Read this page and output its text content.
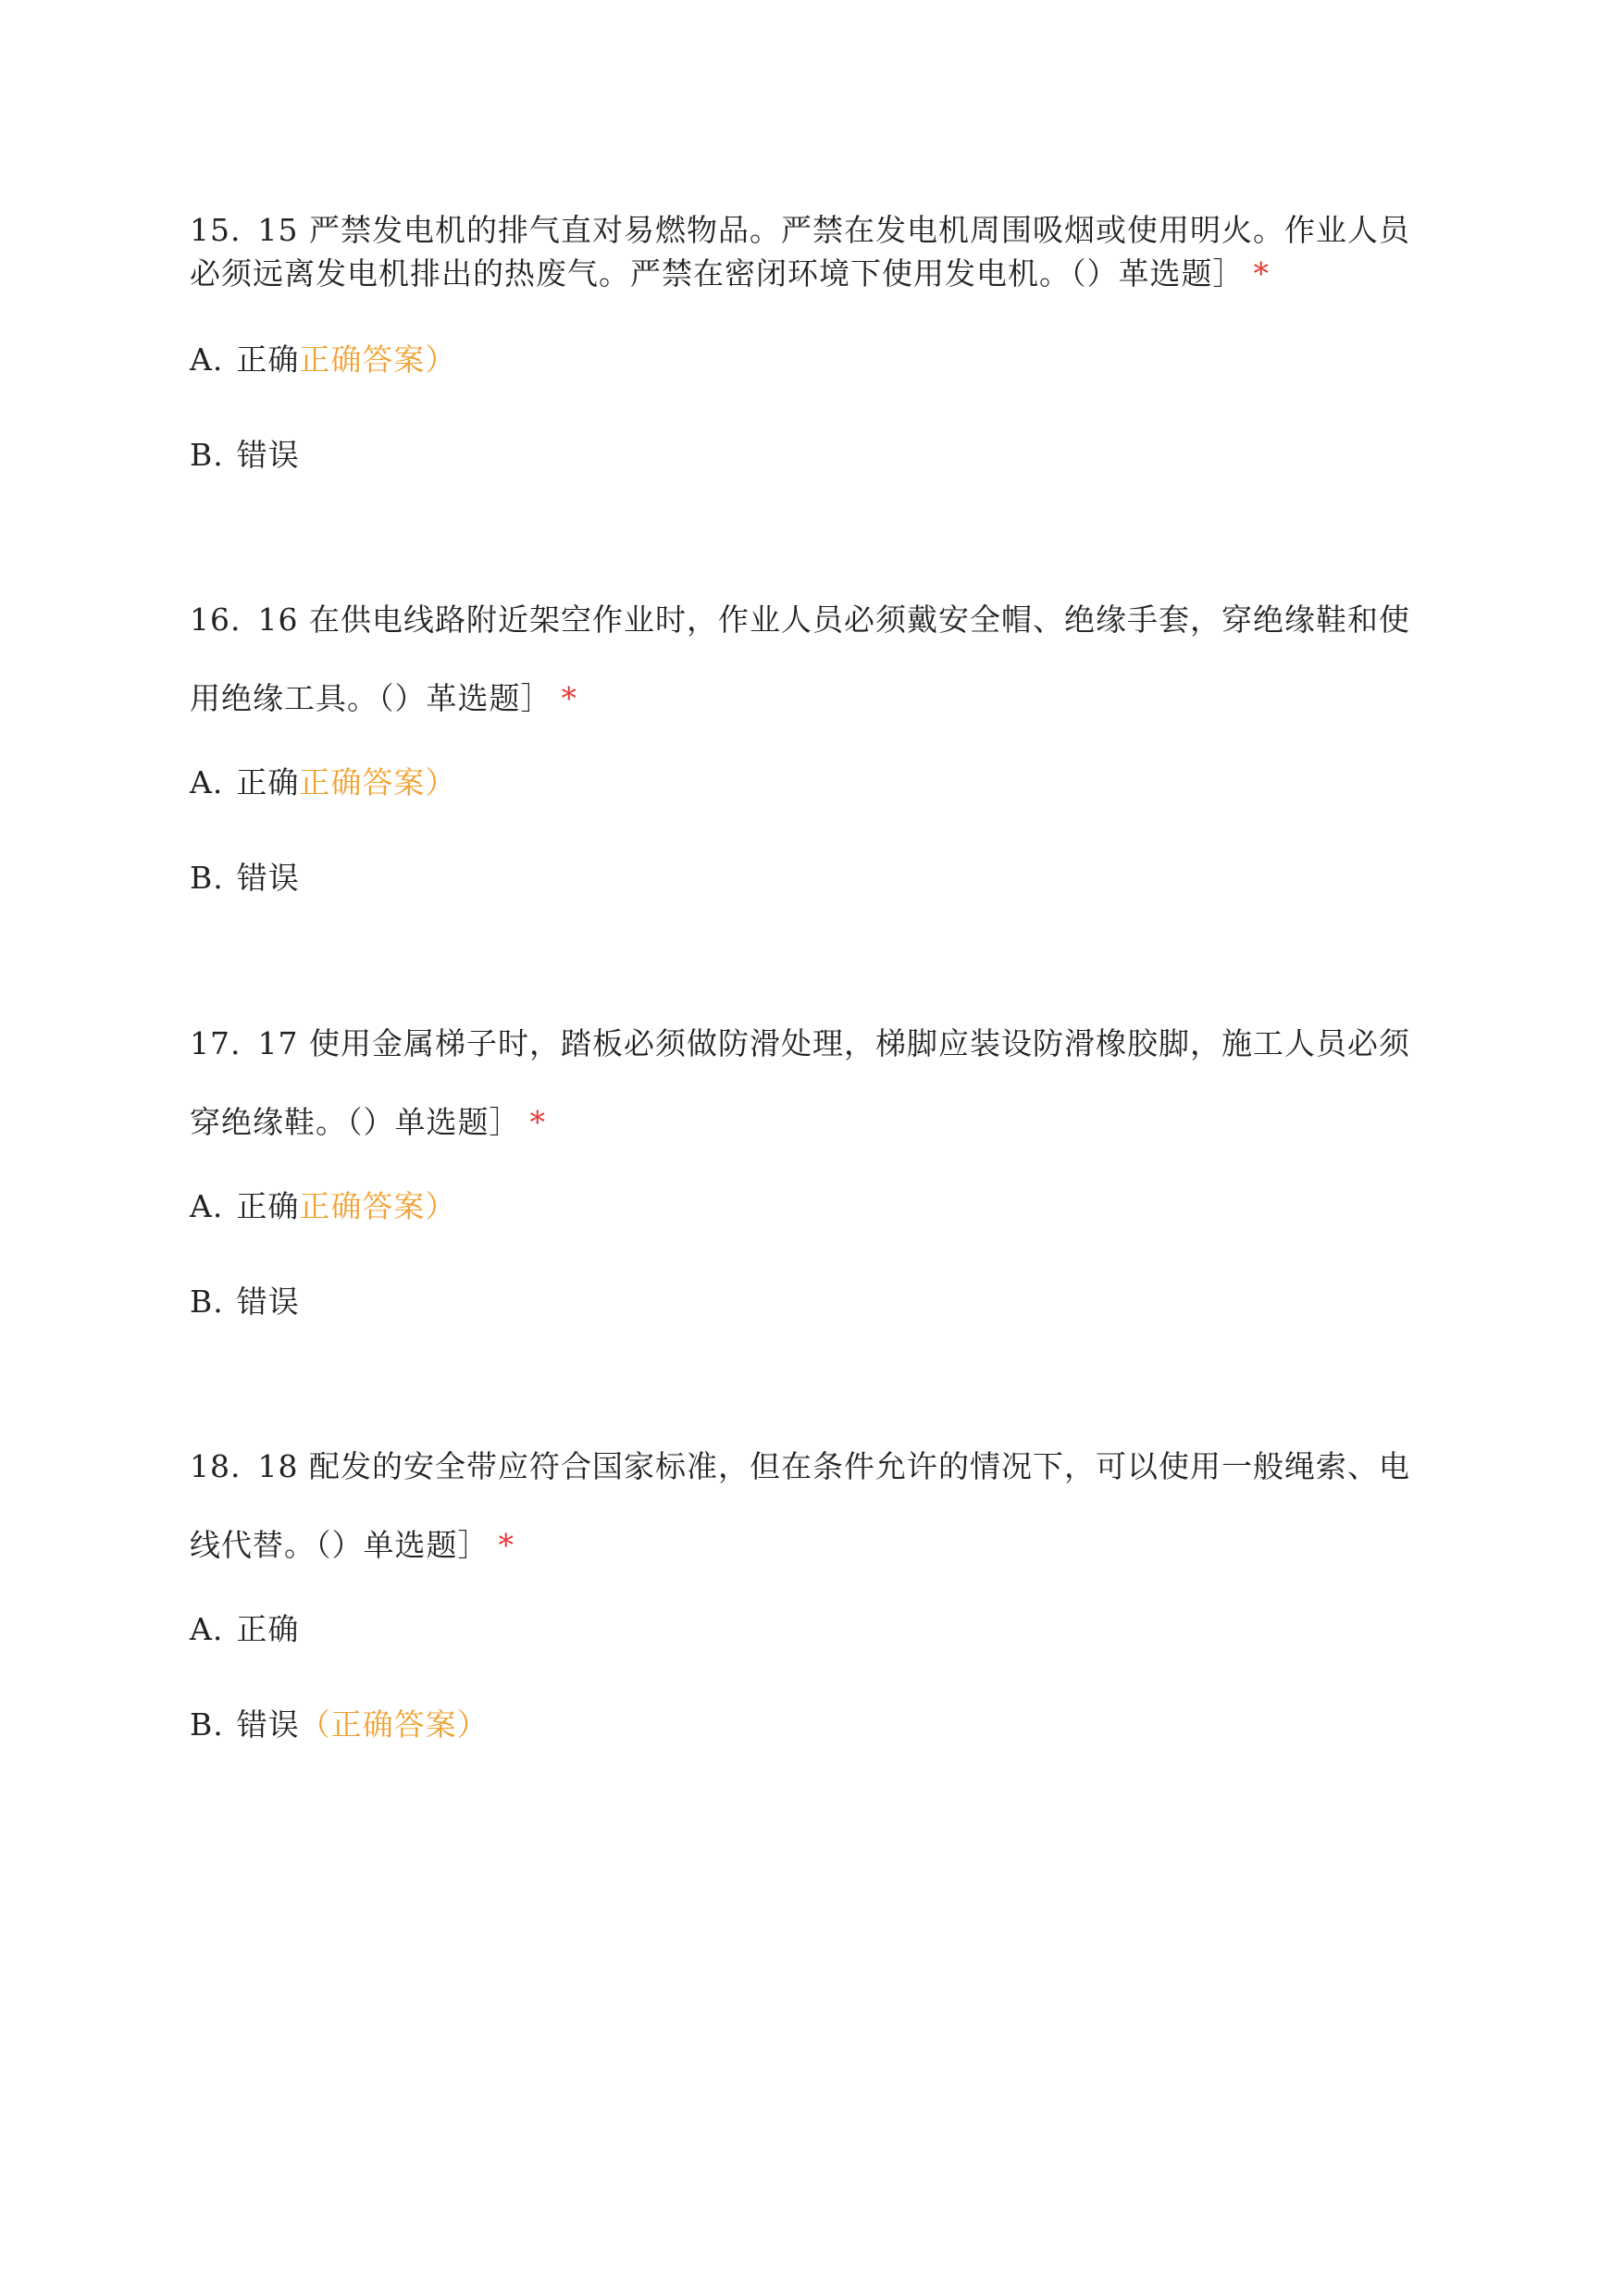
15. 15 严禁发电机的排气直对易燃物品。严禁在发电机周围吸烟或使用明火。作业人员必须远离发电机排出的热废气。严禁在密闭环境下使用发电机。（）革选题］ *

A. 正确正确答案）

B. 错误

16. 16 在供电线路附近架空作业时，作业人员必须戴安全帽、绝缘手套，穿绝缘鞋和使用绝缘工具。（）革选题］ *

A. 正确正确答案）

B. 错误

17. 17 使用金属梯子时，踏板必须做防滑处理，梯脚应装设防滑橡胶脚，施工人员必须穿绝缘鞋。（）单选题］ *

A. 正确正确答案）

B. 错误

18. 18 配发的安全带应符合国家标准，但在条件允许的情况下，可以使用一般绳索、电线代替。（）单选题］ *

A. 正确

B. 错误（正确答案）
